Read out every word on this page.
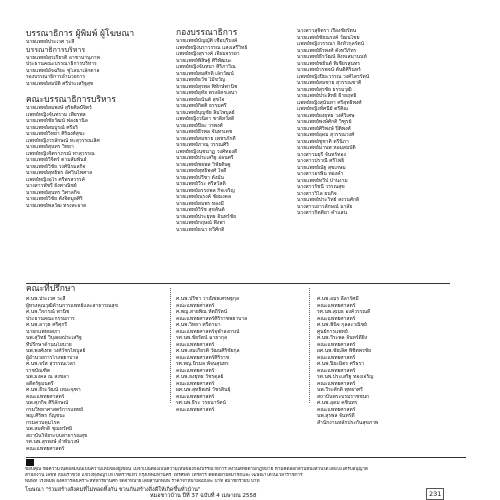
บรรณาธิการ ผู้พิมพ์ ผู้โฆษณา
นายแพทย์ประเวศ วะสี
บรรณาธิการบริหาร
นายแพทย์สุรเกียรติ์ อาชานานุภาพ
ประธานคณะบรรณาธิการบริหาร
นายแพทย์อัจฉริยะ ซู่โลนาเล็กตาล
รองบรรณาธิการอำนวยการ
นายแพทย์สมบัติ ศรีประเสริฐสุข
คณะบรรณาธิการบริหาร
นายแพทย์สมพงษ์ สุริยศิลป์จิตร์
แพทย์หญิงจันทราม เพียรพล
นายแพทย์ชัยวัฒน์ ฟองยานิล
นายแพทย์สมบูรณ์ ศรีอริ
นายแพทย์วิทยา ศิริยงศ์สุขะ
แพทย์หญิงวรลักษณ์ ทะสุวรรณเลิศ
นายแพทย์สุนทร วิทยา
แพทย์หญิงจิตราภรณ์ ทาสุวรรณ
นายแพทย์วิจิตร์ ตามสัมพันธ์
นายแพทย์วิชัย วงศ์นิรมลกิจ
นายแพทย์สุทธิพร อัศวินไพศาล
แพทย์หญิงอุไร ศรีพรสวรรค์
นางสาวพัชรี ยังพาณิชย์
นายแพทย์สุนทร วิศาลกิจ
นายแพทย์วิชัย ตั้งจิตมูลศิริ
นายแพทย์พลวัฒ ทรงสะอาด
กองบรรณาธิการ
นายแพทย์บัญญัติ เชื้อบุรีบงค์
แพทย์หญิงนราวรรณ แสงเสรีวิทย์
แพทย์หญิงสุรางค์ เจียมจรรยา
นายแพทย์พิสิษฐ์ ศิริพัฒนะ
แพทย์หญิงจันทนา ศิริภาวิณ
นายแพทย์สมศักดิ์ เล็กวัฒน์
นายแพทย์ธวัช ไม้ขวัญ
นายแพทย์สุรพล พิทักษ์พานิช
นายแพทย์อุทัย ตรงอัครเสนา
นายแพทย์อนันต์ สุขใจ
นายแพทย์กิตติ ธรรมศรี
นายแพทย์บุญชัย ลิ้มไพบูลย์
แพทย์หญิงวนิดา ชาติสวัสดิ์
นายแพทย์ปิยะ วรพงศ์
นายแพทย์ธีรพล จันทรเดช
นายแพทย์สมชาย เพชรภักดี
นายแพทย์ภาณุ วรรณศิริ
แพทย์หญิงนุชนาฏ วงศ์ทองดี
นายแพทย์ประเสริฐ อ่อนศรี
นายแพทย์ชยพล วิชัยดิษฐ
นายแพทย์สุทธิพงศ์ ใจดี
นายแพทย์ปรีชา ตั้งมั่น
นายแพทย์วีระ ศรีสวัสดิ์
นายแพทย์อรรถพล กิจเจริญ
นายแพทย์ณรงค์ ชัยมงคล
นายแพทย์สมพร ทองมี
นายแพทย์วิรัช สุขสันต์
นายแพทย์ประยุทธ อินทร์ชัย
นายแพทย์กฤษณ์ พึ่งพา
นายแพทย์ธนา ทวีศักดิ์
นางสาวสุจิตรา เรืองชัยรัตน
นายแพทย์ชัยณรงค์ วัฒนไชย
แพทย์หญิงวรรณา สิงหัวกุลรัตน์
นายแพทย์ธีรพงศ์ ตั้งทวีภัทร
นายแพทย์ธีรวัฒน์ สิงหเสมานนท์
นายแพทย์ชยันต์ พิเชียรสุนทร
นายแพทย์วรพจน์ ตันติศิรินทร์
แพทย์หญิงปิยะวรรณ วงศ์ไตรรัตน์
นายแพทย์สมชาย สุวรรณชาติ
นายแพทย์สุรชัย ธรรมวุฒิ
นายแพทย์ประสิทธิ์ ฝ้ายฤทธิ์
แพทย์หญิงสุนันทา ศรีสุทธิพงศ์
แพทย์หญิงทัศนีย์ ตรีคิณ
นายแพทย์ยงยุทธ วงศ์วิเศษ
นายแพทย์พงษ์ศักดิ์ วิฑูรย์
นายแพทย์ศิริพงษ์ ปิติพงศ์
นายแพทย์อุดม สุวรรณวงศ์
นายแพทย์ชูชาติ ตรีนิภา
นายแพทย์มานพ หอมสมบัติ
นางสาวมยุรี จันทร์ทอง
นางสาวปราณี ศรีโพธิ์
นายแพทย์ณัฐ สุขเกษม
นางสาวอรพิน ทองคำ
นายแพทย์ทวีป ปานงาม
นางสาวรัชนี วรรณสุข
นางสาววิไล ธนกิจ
นายแพทย์ประวิทย์ สงวนศักดิ์
นางสาวเยาวลักษณ์ มาลัย
นางสาวกิตติยา คำแสน
คณะที่ปรึกษา
ศ.นพ.ประเวศ วะสี
ผู้ทรงคุณวุฒิด้านการแพทย์และสาธารณสุข
ศ.นพ.วิจารณ์ พานิช
ประธานคณะกรรมการ
ศ.นพ.อาวุธ ศรีศุกรี
นายกแพทยสภา
นพ.สุวิทย์ วิบุลผลประเสริฐ
ที่ปรึกษาด้านนโยบาย
นพ.พงศ์เทพ วงศ์วัชรไพบูลย์
ผู้อำนวยการโรงพยาบาล
ศ.นพ.จรัส สุวรรณเวลา
ราชบัณฑิต
นพ.มงคล ณ สงขลา
อดีตรัฐมนตรี
ศ.นพ.ธีระวัฒน์ เหมะจุฑา
คณะแพทยศาสตร์
นพ.ศุภกิจ ศิริลักษณ์
กรมวิทยาศาสตร์การแพทย์
พญ.ศิริพร กัญชนะ
กรมควบคุมโรค
นพ.สมศักดิ์ ชุณหรัศมิ์
สถาบันวิจัยระบบสาธารณสุข
รศ.นพ.สุรพงษ์ อำพันวงษ์
คณะแพทยศาสตร์
ศ.นพ.ปรีชา วาณิชยเศรษฐกุล
คณะแพทยศาสตร์
ศ.พญ.สายพิณ หัตถีรัตน์
คณะแพทยศาสตร์ศิริราชพยาบาล
ศ.นพ.วิทยา ศรีดามา
คณะแพทยศาสตร์จุฬาลงกรณ์
รศ.นพ.ชัยรัตน์ ฉายากุล
คณะแพทยศาสตร์
ศ.นพ.สมเกียรติ วัฒนศิริชัยกุล
คณะแพทยศาสตร์ศิริราช
รศ.พญ.นิรมล พัจนสุนทร
คณะแพทยศาสตร์
ศ.นพ.ยงยุทธ วัชรดุลย์
คณะแพทยศาสตร์
ผศ.นพ.สุทธิพงษ์ วัชรสินธุ์
คณะแพทยศาสตร์
รศ.นพ.ธีระ วรธนารัตน์
คณะแพทยศาสตร์
ศ.นพ.อมร ลีลารัศมี
คณะแพทยศาสตร์
รศ.นพ.สุเมธ องค์วรรณดี
คณะแพทยศาสตร์
ศ.นพ.พินิจ กุลละวณิชย์
ศูนย์การแพทย์
ศ.นพ.วีระพล จันทร์ดียิ่ง
คณะแพทยศาสตร์
ผศ.นพ.ชัยเลิศ พิชิตพรชัย
คณะแพทยศาสตร์
ศ.นพ.ปิยะมิตร ศรีธรา
คณะแพทยศาสตร์
รศ.นพ.ประเสริฐ ทองเจริญ
คณะแพทยศาสตร์
นพ.วีระศักดิ์ พุทธาศรี
สถาบันพระบรมราชชนก
ศ.นพ.อุดม คชินทร
คณะแพทยศาสตร์
นพ.สุรพล จันทร์ดี
สำนักงานหลักประกันสุขภาพ
ขอบคุณ ข้อความในคอลัมน์นี้เป็นความเห็นของผู้เขียน ไม่จำเป็นต้องเป็นความเห็นของกองบรรณาธิการ สงวนสิทธิ์ตามกฎหมาย ห้ามคัดลอกส่วนหนึ่งส่วนใดโดยไม่ได้รับอนุญาต
สำนักงาน เลขที่ ถนนราชวิถี แขวงทุ่งพญาไท เขตราชเทวี กรุงเทพมหานคร โทรศัพท์ โทรสาร ติดต่อฝ่ายสมาชิกและโฆษณาได้ในเวลาราชการ
พิมพ์ที่ โรงพิมพ์ องค์การสงเคราะห์ทหารผ่านศึก จัดจำหน่ายโดยสำนักพิมพ์ ราคาจำหน่ายฉบับละ บาท สมาชิกรายปี บาท
โฆษณา "ร่วมสร้างสังคมที่ไม่ทอดทิ้งกัน ชวนกันสร้างสิ่งดีให้เกิดขึ้นทั่วบ้าน"
หมอชาวบ้าน ปีที่ 37 ฉบับที่ 4 เมษายน 2558	231
